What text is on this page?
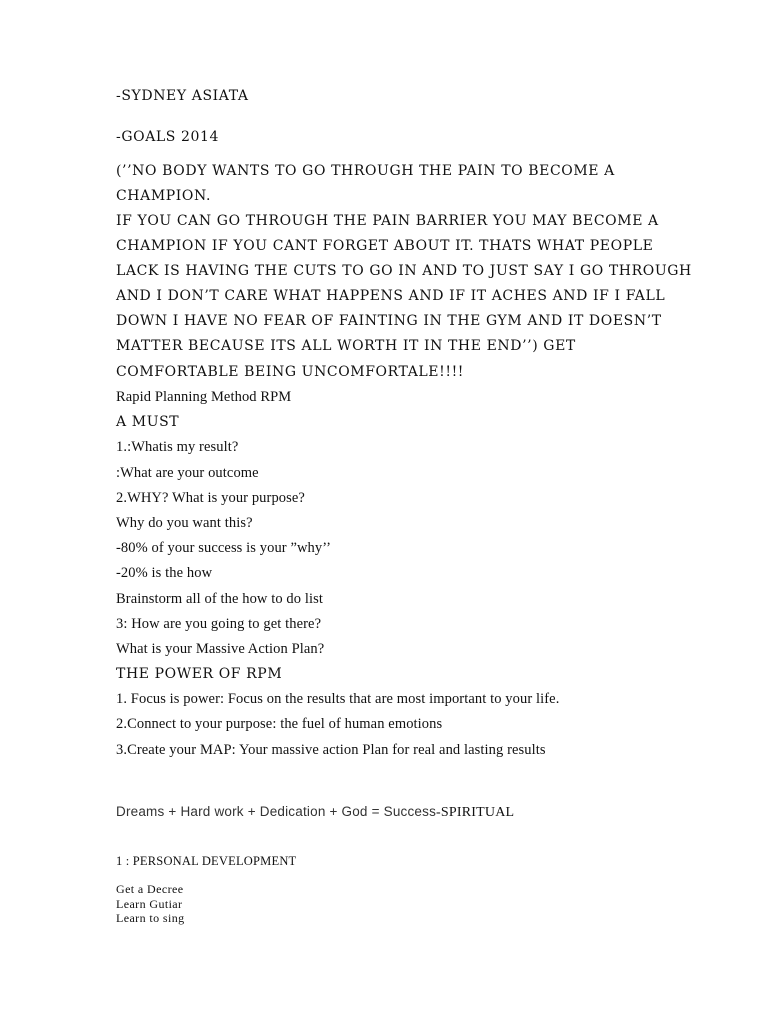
-SYDNEY ASIATA

-GOALS 2014

(’’NO BODY WANTS TO GO THROUGH THE PAIN TO BECOME A

CHAMPION.

IF YOU CAN GO THROUGH THE PAIN BARRIER YOU MAY BECOME A

CHAMPION IF YOU CANT FORGET ABOUT IT. THATS WHAT PEOPLE

LACK IS HAVING THE CUTS TO GO IN AND TO JUST SAY I GO THROUGH

AND I DON’T CARE WHAT HAPPENS AND IF IT ACHES AND IF I FALL

DOWN I HAVE NO FEAR OF FAINTING IN THE GYM AND IT DOESN’T

MATTER BECAUSE ITS ALL WORTH IT IN THE END’’) GET

COMFORTABLE BEING UNCOMFORTALE!!!!

Rapid Planning Method RPM

A MUST

1.:Whatis my result?

:What are your outcome

2.WHY? What is your purpose?

Why do you want this?

-80% of your success is your ”why’’

-20% is the how

Brainstorm all of the how to do list

3: How are you going to get there?

What is your Massive Action Plan?

THE POWER OF RPM

1. Focus is power: Focus on the results that are most important to your life.

2.Connect to your purpose: the fuel of human emotions

3.Create your MAP: Your massive action Plan for real and lasting results

Dreams + Hard work + Dedication + God = Success-SPIRITUAL

1 : PERSONAL DEVELOPMENT

Get a Decree

Learn Gutiar

Learn to sing
